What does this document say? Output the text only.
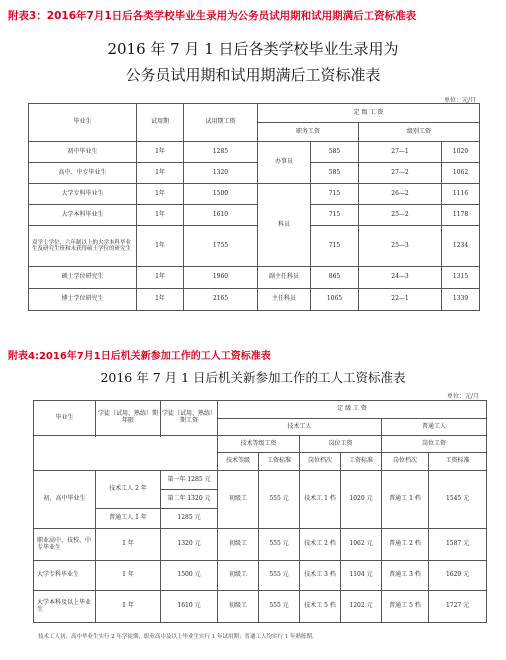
附表3：2016年7月1日后各类学校毕业生录用为公务员试用期和试用期满后工资标准表
2016 年 7 月 1 日后各类学校毕业生录用为
公务员试用期和试用期满后工资标准表
单位：元/月
毕业生	试用期	试用期工资	定 级 工 资			
			职务工资		级别工资	
初中毕业生	1年	1285	办事员	585	27—1	1020
高中、中专毕业生	1年	1320		585	27—2	1062
大学专科毕业生	1年	1500	科员	715	26—2	1116
大学本科毕业生	1年	1610		715	25—2	1178
双学士学位、六年制以上的大学本科毕业生及研究生班和未获得硕士学位的研究生	1年	1755		715	25—3	1234
硕士学位研究生	1年	1960	副主任科员	865	24—3	1315
博士学位研究生	1年	2165	主任科员	1065	22—1	1339
附表4:2016年7月1日后机关新参加工作的工人工资标准表
2016 年 7 月 1 日后机关新参加工作的工人工资标准表
单位：元/月
毕业生	学徒（试用、熟练）期年限	学徒（试用、熟练）期工资	定 级 工 资					
			技术工人				普通工人	

			技术等级工资		岗位工资		岗位工资	
			技术等级	工资标准	岗位档次	工资标准	岗位档次	工资标准
初、高中毕业生	技术工人 2 年	第一年 1285 元	初级工	555 元	技术工 1 档	1020 元	普通工 1 档	1545 元
		第二年 1320 元						
	普通工人 1 年	1285 元						
职业高中、技校、中专毕业生	1 年	1320 元	初级工	555 元	技术工 2 档	1062 元	普通工 2 档	1587 元
大学专科毕业生	1 年	1500 元	初级工	555 元	技术工 3 档	1104 元	普通工 3 档	1629 元
大学本科及以上毕业生	1 年	1610 元	初级工	555 元	技术工 5 档	1202 元	普通工 5 档	1727 元
技术工人初、高中毕业生实行 2 年学徒期，职业高中及以上毕业生实行 1 年试用期；普通工人均实行 1 年熟练期。
